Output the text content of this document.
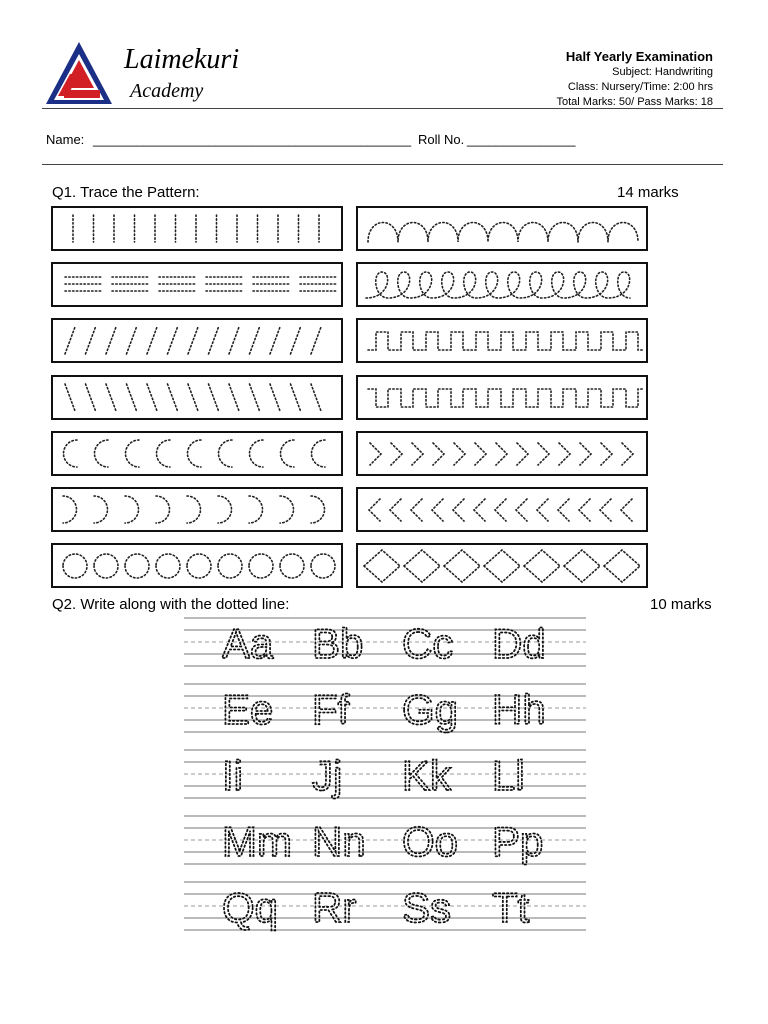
Laimekuri
Academy
Half Yearly Examination
Subject: Handwriting
Class: Nursery/Time: 2:00 hrs
Total Marks: 50/ Pass Marks: 18
Name: ____________________________________________ Roll No. _______________
Q1. Trace the Pattern:	14 marks
Q2. Write along with the dotted line:	10 marks
Aa Bb Cc Dd
Ee Ff Gg Hh
Ii Jj Kk Ll
Mm Nn Oo Pp
Qq Rr Ss Tt
